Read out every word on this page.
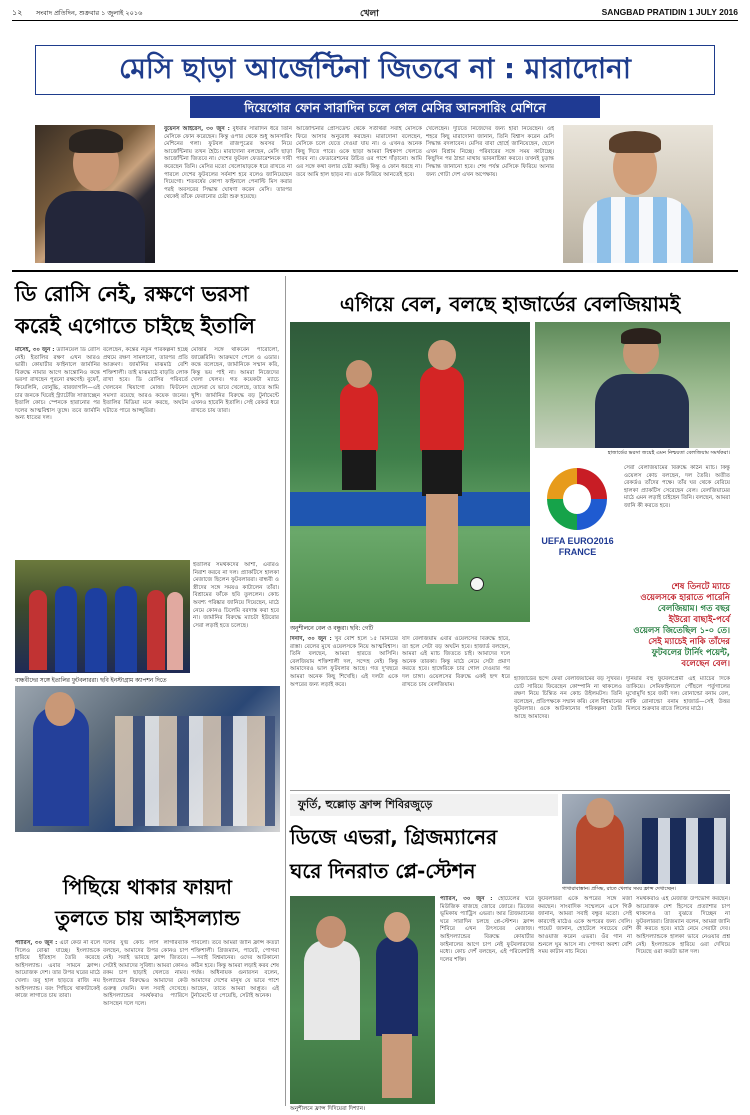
১২ সংবাদ প্রতিদিন, শুক্রবার ১ জুলাই ২০১৬	খেলা	SANGBAD PRATIDIN 1 JULY 2016
মেসি ছাড়া আর্জেন্টিনা জিতবে না : মারাদোনা
দিয়েগোর ফোন সারাদিন চলে গেল মেসির আনসারিং মেশিনে
বুয়েনস আইরেস, ৩০ জুন : বুধবার সারাদিন ধরে তিনি মেসিকে ফোন করেছেন। কিন্তু ওপার থেকে শুধু আনসারিং মেশিনের গলা। ফুটবল রাজপুত্রের অবসর নিয়ে আর্জেন্টিনায় তখন হৈচৈ। মারাদোনা বলছেন, মেসি ছাড়া আর্জেন্টিনা জিতবে না। দেশের ফুটবল ফেডারেশনকে দায়ী করেছেন তিনি। মেসির মতো খেলোয়াড়কে ধরে রাখতে না পারলে দেশের ফুটবলের সর্বনাশ হবে বলেও জানিয়েছেন দিয়েগো। শতবর্ষের কোপা ফাইনালে পেনাল্টি মিস করার পরই অবসরের সিদ্ধান্ত ঘোষণা করেন মেসি। তারপর থেকেই তাঁকে ফেরানোর চেষ্টা শুরু হয়েছে।
আর্জেন্টিনার প্রেসিডেন্ট থেকে সতীর্থরা সবাই মেসিকে ফিরে আসার অনুরোধ করছেন। মারাদোনা বলেছেন, মেসিকে চলে যেতে দেওয়া যায় না। ও এখনও অনেক কিছু দিতে পারে। ওকে ছাড়া আমরা বিশ্বকাপ খেলতে পারব না। ফেডারেশনের উচিত ওর পাশে দাঁড়ানো। আমি ওর সঙ্গে কথা বলার চেষ্টা করছি। কিন্তু ও ফোন ধরছে না। তবে আমি হাল ছাড়ব না। ওকে ফিরিয়ে আনতেই হবে।
খেলেছেন। দুটিতে নিজেদের জন্য হারা নিয়েছেন। ওই শহরে কিছু মারাদোনা জানান, তিনি বিশ্বাস করেন মেসি সিদ্ধান্ত বদলাবেন। মেসির বাবা হোর্হে জানিয়েছেন, ছেলে এখন বিশ্রাম নিচ্ছে। পরিবারের সঙ্গে সময় কাটাচ্ছে। কিছুদিন পর ঠান্ডা মাথায় ভাবনাচিন্তা করবে। তখনই চূড়ান্ত সিদ্ধান্ত জানানো হবে। শেষ পর্যন্ত মেসিকে ফিরিয়ে আনার জন্য গোটা দেশ এখন অপেক্ষায়।
ডি রোসি নেই, রক্ষণে ভরসা
করেই এগোতে চাইছে ইতালি
মাসেই, ৩০ জুন : ড্যানিয়েল ডি রোসি নেই। ইতালির রক্ষণ এখন আরও ভারী। কোয়ার্টার ফাইনালে জার্মানির বিরুদ্ধে নামার আগে আন্তোনিও কন্তে ভরসা রাখছেন পুরনো রক্ষণেই। বুফোঁ, কিয়েলিনি, বোনুচ্চি, বারজাগলি—এই চার জনকে ঘিরেই স্ট্র্যাটেজি সাজাচ্ছেন ইতালি কোচ। স্পেনকে হারানোর পর দলের আত্মবিশ্বাস তুঙ্গে। তবে জার্মানি অন্য ধাতের দল।
বলেছেন, কন্তের নতুন পরিকল্পনা হচ্ছে প্রথমে রক্ষণ সামলানো, তারপর প্রতি আক্রমণ। জার্মানির মাঝমাঠ বেশি শক্তিশালী। তাই মাঝমাঠে বাড়তি লোক রাখা হবে। ডি রোসির পরিবর্তে খেলবেন থিয়াগো মোত্তা। ফিটনেস সমস্যা রয়েছে আরও কয়েক জনের। ইতালির মিডিয়া মনে করছে, অঘটন ঘটাতে পারে আজ্জুরিরা।
মোত্তার সঙ্গে থাকবেন পারোলো, জাক্কেরিনি। আক্রমণে পেলে ও এডার। কন্তে বলেছেন, জার্মানিকে সম্মান করি, কিন্তু ভয় পাই না। আমরা নিজেদের খেলা খেলব। গত কয়েকটা ম্যাচে ছেলেরা যে ভাবে খেলেছে, তাতে আমি খুশি। জার্মানির বিরুদ্ধে বড় টুর্নামেন্টে এখনও হারেনি ইতালি। সেই রেকর্ড ধরে রাখতে চায় তারা।
ইতালির সমর্থকদের আশা, এবারও নিরাশ করবে না দল। প্র্যাকটিসে হালকা মেজাজে ছিলেন ফুটবলাররা। বান্ধবী ও স্ত্রীদের সঙ্গে সময়ও কাটালেন তাঁরা। বিশ্রামের ফাঁকে ছবি তুললেন। কোচ অবশ্য পরিষ্কার জানিয়ে দিয়েছেন, মাঠে নেমে কোনও ঢিলেমি বরদাস্ত করা হবে না। জার্মানির বিরুদ্ধে ম্যাচটা ইউরোর সেরা লড়াই হতে চলেছে।
বান্ধবীদের সঙ্গে ইতালির ফুটবলাররা। ছবি ইনস্টাগ্রাম ক্যাপশন দিতে
পিছিয়ে থাকার ফায়দা
তুলতে চায় আইসল্যান্ড
প্যারিস, ৩০ জুন : এটা কেউ না বলে দিলেও বোঝা যাচ্ছে। ইংল্যান্ডকে হারিয়ে ইতিহাস তৈরি করেছে আইসল্যান্ড। এবার সামনে ফ্রান্স। আয়োজক দেশ। তার উপর ঘরের মাঠে খেলা। তবু হাল ছাড়তে রাজি নয় আইসল্যান্ড। বরং পিছিয়ে থাকাটাকেই কাজে লাগাতে চায় তারা।
দলের যুগ্ম কোচ লার্স লাগারব্যাক বলছেন, আমাদের উপর কোনও চাপ নেই। সবাই ভাবছে ফ্রান্স জিতবে। সেটাই আমাদের সুবিধা। আমরা কোনও রকম চাপ ছাড়াই খেলতে নামব। ইংল্যান্ডের বিরুদ্ধেও আমাদের কেউ গুরুত্ব দেয়নি। ফল সবাই দেখেছে। আইসল্যান্ডের সমর্থকরাও প্যারিসে আসছেন দলে দলে।
পাবলো। তবে আমরা জানি ফ্রান্স কতটা শক্তিশালী। গ্রিজম্যান, পায়েট, পোগবা—সবাই বিশ্বমানের। ওদের আটকানো কঠিন হবে। কিন্তু আমরা লড়াই করব শেষ পর্যন্ত। অধিনায়ক গুনারসন বলেন, আমাদের দেশের মানুষ যে ভাবে পাশে আছেন, তাতে আমরা আপ্লুত। এই টুর্নামেন্টে যা পেয়েছি, সেটাই অনেক।
এগিয়ে বেল, বলছে হাজার্ডের বেলজিয়ামই
অনুশীলনে বেল ও বন্ধুরা। ছবি: গেটি
হাজার্ডের ভরসা জয়েই এমন নিশ্চয়তা বেলজিয়াম সমর্থকরা।
UEFA EURO2016 FRANCE
সেরা বেলজিয়ামের বিরুদ্ধে কঠিন ম্যাচ। কিন্তু ওয়েলস কোচ বলছেন, দল তৈরি। অতীত রেকর্ডও তাঁদের পক্ষে। তাঁর ঘর থেকে বেরিয়ে হালকা প্র্যাকটিস সেরেছেন বেল। বেলজিয়ামের মাঠে এমন লড়াই চাইছেন তিনি। বলছেন, আমরা জানি কী করতে হবে।
শেষ তিনটে ম্যাচে
ওয়েলসকে হারাতে পারেনি
বেলজিয়াম। গত বছর
ইউরো বাছাই-পর্বে
ওয়েলস জিতেছিল ১-০ তে।
সেই ম্যাচেই নাকি তাঁদের
ফুটবলের টার্নিং পয়েন্ট,
বলেছেন বেল।
দিনার্দ, ৩০ জুন : খুব বেশি হলে ১৫ মিনিটের রাস্তা। বেলের মুখে ওয়েলসকে নিয়ে আত্মবিশ্বাস। তিনি বলছেন, আমরা হারতে আসিনি। বেলজিয়াম শক্তিশালী দল, সন্দেহ নেই। কিন্তু আমাদেরও ভাল ফুটবলার আছে। গত দু'বছরে আমরা অনেক কিছু শিখেছি। এই দলটা একে অপরের জন্য লড়াই করে।
যদি বেলজিয়াম এবার ওয়েলসের বিরুদ্ধে হারে, তা হলে সেটা বড় অঘটন হবে। হাজার্ড বলছেন, আমরা এই ম্যাচ জিততে চাই। আমাদের দলে অনেক তারকা। কিন্তু মাঠে নেমে সেটা প্রমাণ করতে হবে। হাঙ্গেরিকে চার গোল দেওয়ার পর দল চাঙ্গা। ওয়েলসের বিরুদ্ধে একই ছন্দ ধরে রাখতে চায় বেলজিয়াম।
হ্যাজার্ডের ছন্দে ফেরা বেলজিয়ামের বড় সুখবর। চোট সারিয়ে ফিরেছেন কোম্পানি না থাকলেও রক্ষণ নিয়ে চিন্তিত নন কোচ উইলমটস। তিনি বলেছেন, প্রতিপক্ষকে সম্মান করি। বেল বিশ্বমানের ফুটবলার। ওকে আটকানোর পরিকল্পনা তৈরি আছে আমাদের।
দুনিয়ার বহু ফুটবলপ্রেমী এই ম্যাচের দিকে তাকিয়ে। সেমিফাইনালে পৌঁছলে পর্তুগালের মুখোমুখি হবে জয়ী দল। রোনাল্ডো বনাম বেল, নাকি রোনাল্ডো বনাম হাজার্ড—সেই উত্তর মিলবে শুক্রবার রাতে লিলের মাঠে।
ফুর্তি, হুল্লোড় ফ্রান্স শিবিরজুড়ে
ডিজে এভরা, গ্রিজম্যানের
ঘরে দিনরাত প্লে-স্টেশন
গাখারাবাস্তান। প্রসিদ্ধ, রাতে খেলার সময় ফ্রান্স দেখাচ্ছেন।
অনুশীলনে ফ্রান্স দিদিয়েরা দিশ্যান।
প্যারিস, ৩০ জুন : হোটেলের ঘরে মিউজিক বাজছে জোরে জোরে। ডিজের ভূমিকায় প্যাট্রিস এভরা। আর গ্রিজম্যানের ঘরে সারাদিন চলছে প্লে-স্টেশন। ফ্রান্স শিবিরে এখন উৎসবের মেজাজ। আইসল্যান্ডের বিরুদ্ধে কোয়ার্টার ফাইনালের আগে চাপ নেই ফুটবলারদের মধ্যে। কোচ দেশঁ বলছেন, এই পরিবেশটাই দলের শক্তি।
ফুটবলাররা একে অপরের সঙ্গে মজা করছেন। সাংবাদিক সম্মেলনে এসে গিরুঁ জানান, আমরা সবাই বন্ধুর মতো। সেই কারণেই মাঠেও একে অপরের জন্য খেলি। পায়েট জানান, হোটেলে সবচেয়ে বেশি আওয়াজ করেন এভরা। ওঁর গান না শুনলে ঘুম আসে না। পোগবা অবশ্য বেশি সময় কাটান নাচ নিয়ে।
সমর্থকরাও এই মেজাজ উপভোগ করছেন। আয়োজক দেশ হিসেবে প্রত্যাশার চাপ থাকলেও তা বুঝতে দিচ্ছেন না ফুটবলাররা। গ্রিজম্যান বলেন, আমরা জানি কী করতে হবে। মাঠে নেমে সেরাটা দেব। আইসল্যান্ডকে হালকা ভাবে নেওয়ার প্রশ্ন নেই। ইংল্যান্ডকে হারিয়ে ওরা দেখিয়ে দিয়েছে ওরা কতটা ভাল দল।
